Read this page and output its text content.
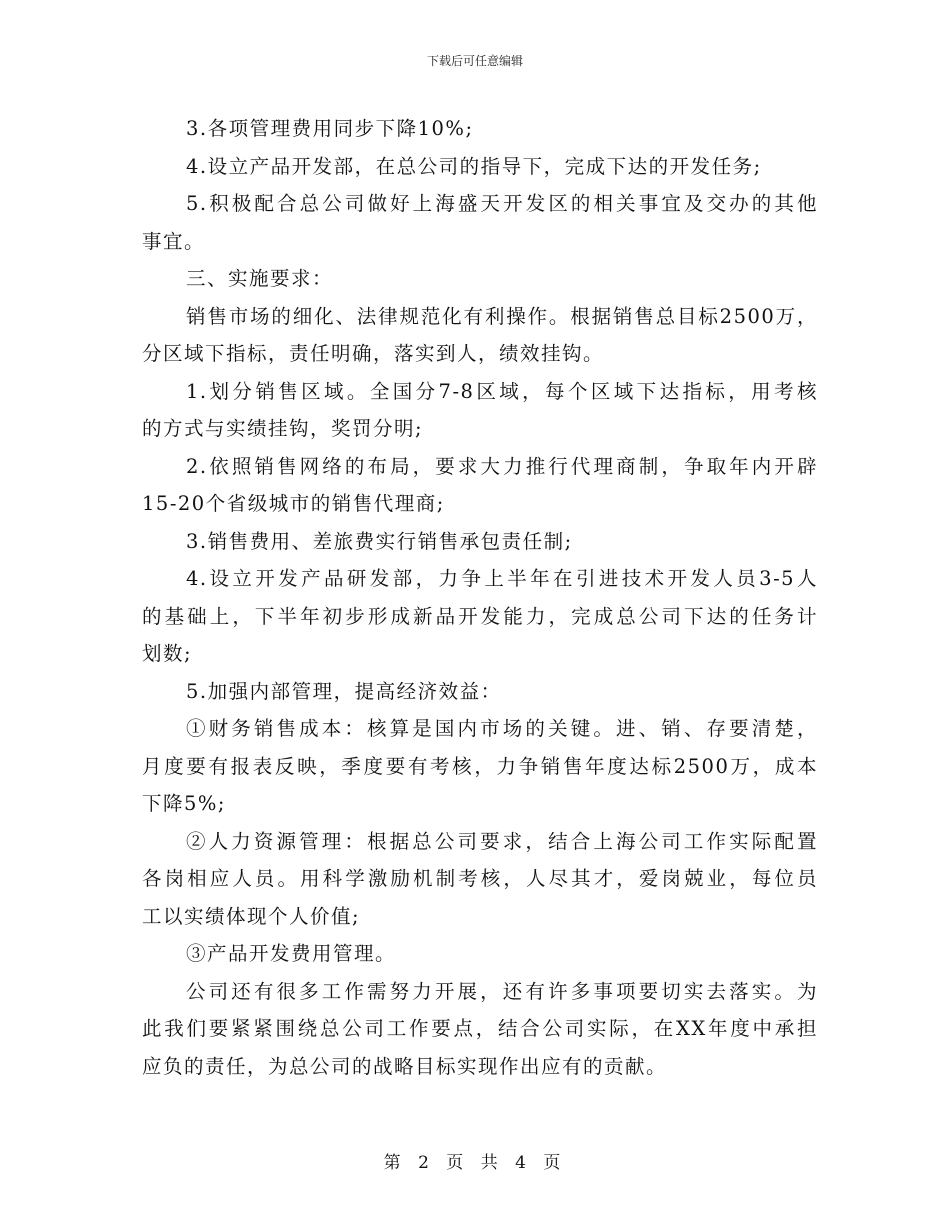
下载后可任意编辑
3.各项管理费用同步下降10%;
4.设立产品开发部，在总公司的指导下，完成下达的开发任务;
5.积极配合总公司做好上海盛天开发区的相关事宜及交办的其他
事宜。
三、实施要求：
销售市场的细化、法律规范化有利操作。根据销售总目标2500万，
分区域下指标，责任明确，落实到人，绩效挂钩。
1.划分销售区域。全国分7-8区域，每个区域下达指标，用考核
的方式与实绩挂钩，奖罚分明;
2.依照销售网络的布局，要求大力推行代理商制，争取年内开辟
15-20个省级城市的销售代理商;
3.销售费用、差旅费实行销售承包责任制;
4.设立开发产品研发部，力争上半年在引进技术开发人员3-5人
的基础上，下半年初步形成新品开发能力，完成总公司下达的任务计
划数;
5.加强内部管理，提高经济效益：
①财务销售成本：核算是国内市场的关键。进、销、存要清楚，
月度要有报表反映，季度要有考核，力争销售年度达标2500万，成本
下降5%;
②人力资源管理：根据总公司要求，结合上海公司工作实际配置
各岗相应人员。用科学激励机制考核，人尽其才，爱岗兢业，每位员
工以实绩体现个人价值;
③产品开发费用管理。
公司还有很多工作需努力开展，还有许多事项要切实去落实。为
此我们要紧紧围绕总公司工作要点，结合公司实际，在XX年度中承担
应负的责任，为总公司的战略目标实现作出应有的贡献。
第 2 页 共 4 页
